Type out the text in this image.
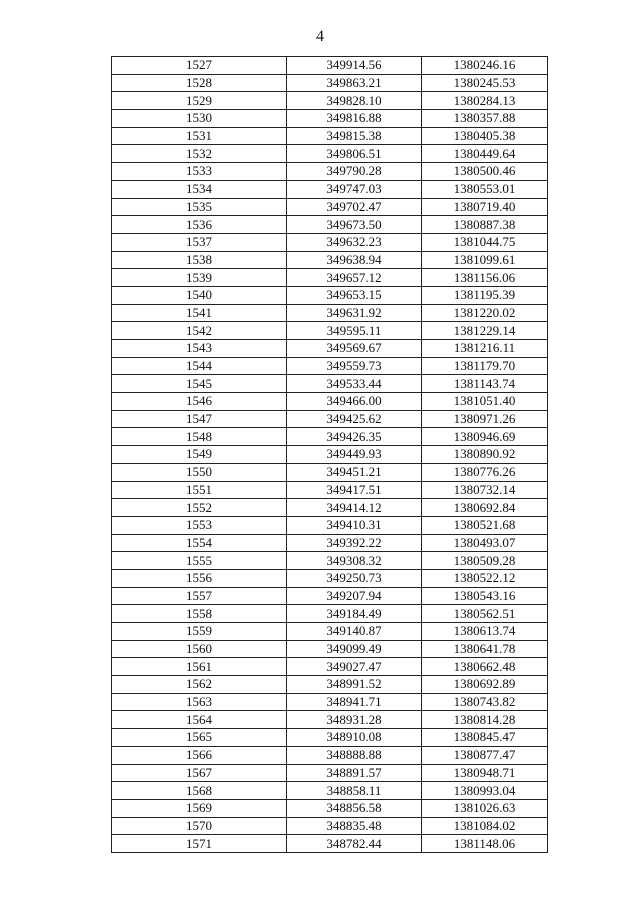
4
1527	349914.56	1380246.16
1528	349863.21	1380245.53
1529	349828.10	1380284.13
1530	349816.88	1380357.88
1531	349815.38	1380405.38
1532	349806.51	1380449.64
1533	349790.28	1380500.46
1534	349747.03	1380553.01
1535	349702.47	1380719.40
1536	349673.50	1380887.38
1537	349632.23	1381044.75
1538	349638.94	1381099.61
1539	349657.12	1381156.06
1540	349653.15	1381195.39
1541	349631.92	1381220.02
1542	349595.11	1381229.14
1543	349569.67	1381216.11
1544	349559.73	1381179.70
1545	349533.44	1381143.74
1546	349466.00	1381051.40
1547	349425.62	1380971.26
1548	349426.35	1380946.69
1549	349449.93	1380890.92
1550	349451.21	1380776.26
1551	349417.51	1380732.14
1552	349414.12	1380692.84
1553	349410.31	1380521.68
1554	349392.22	1380493.07
1555	349308.32	1380509.28
1556	349250.73	1380522.12
1557	349207.94	1380543.16
1558	349184.49	1380562.51
1559	349140.87	1380613.74
1560	349099.49	1380641.78
1561	349027.47	1380662.48
1562	348991.52	1380692.89
1563	348941.71	1380743.82
1564	348931.28	1380814.28
1565	348910.08	1380845.47
1566	348888.88	1380877.47
1567	348891.57	1380948.71
1568	348858.11	1380993.04
1569	348856.58	1381026.63
1570	348835.48	1381084.02
1571	348782.44	1381148.06
